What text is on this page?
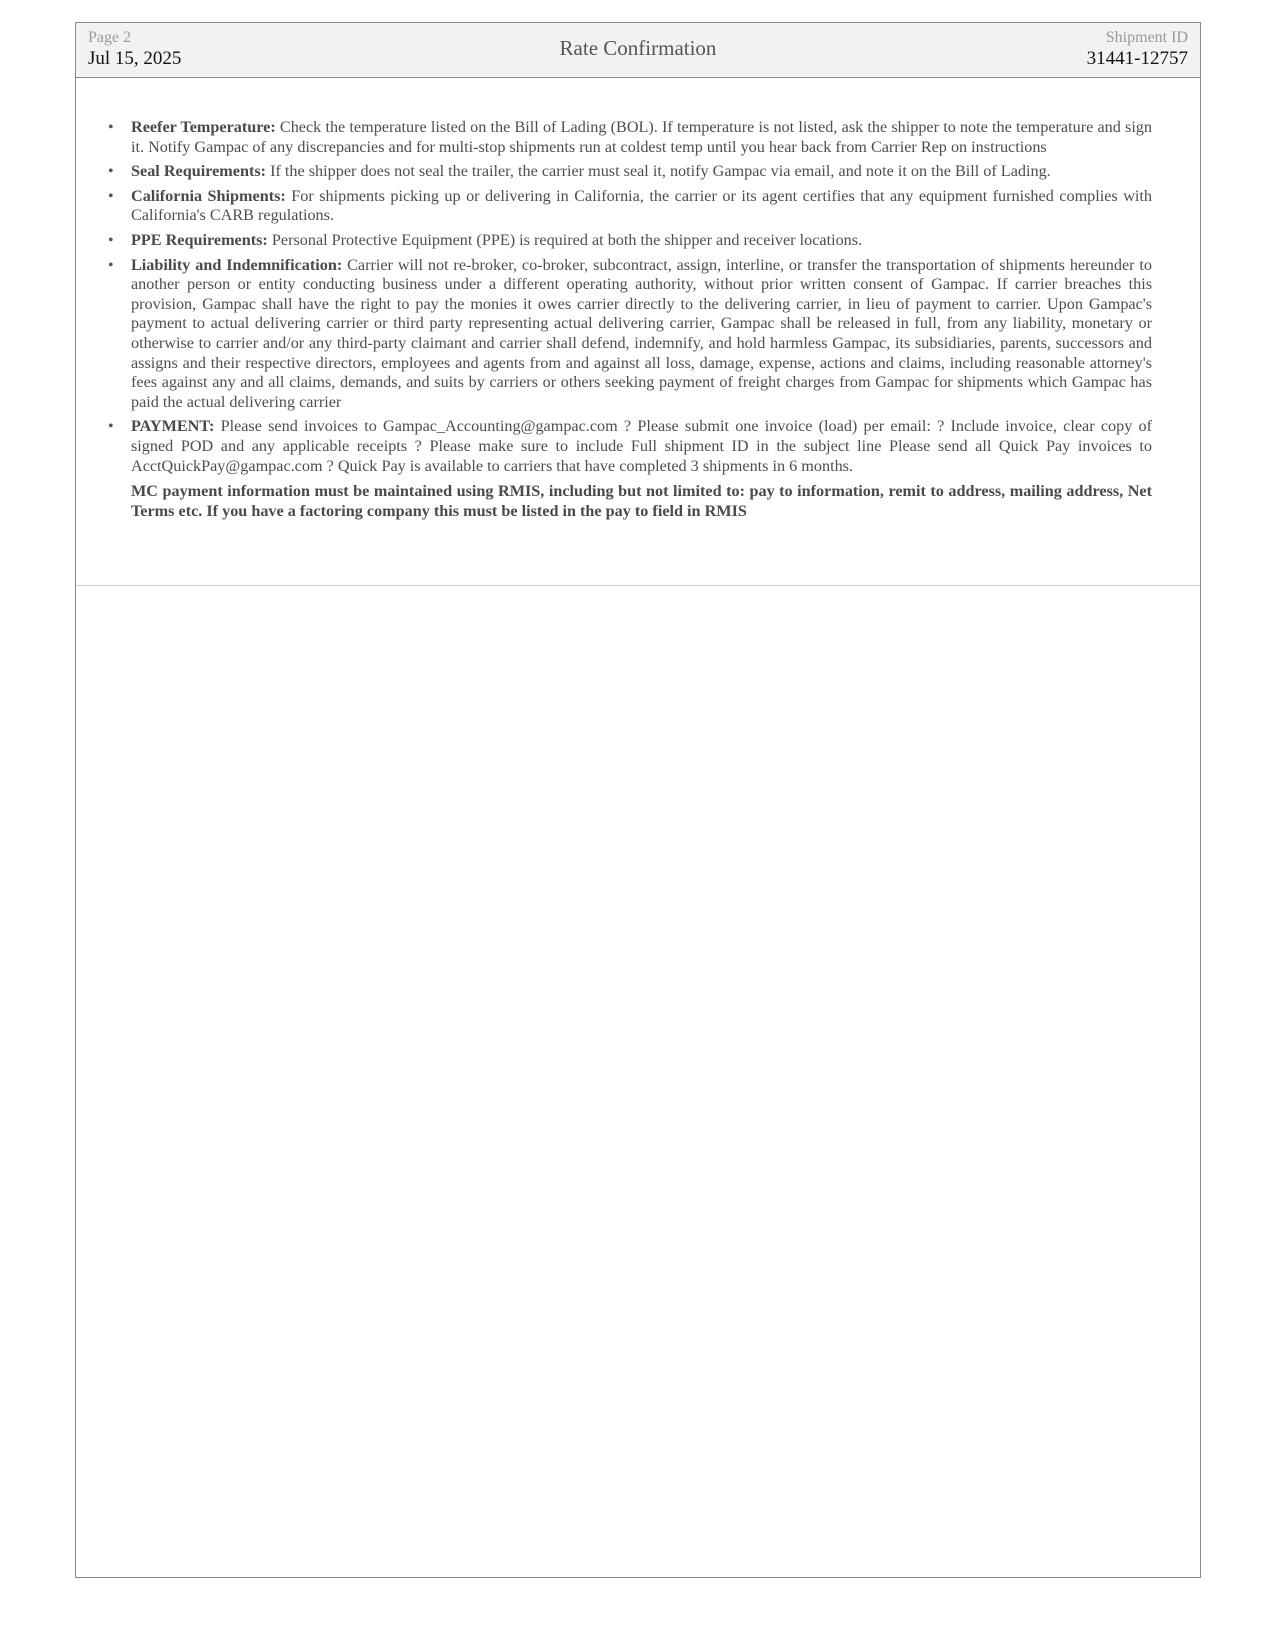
Page 2
Jul 15, 2025	Rate Confirmation	Shipment ID
31441-12757
• Reefer Temperature: Check the temperature listed on the Bill of Lading (BOL). If temperature is not listed, ask the shipper to note the temperature and sign it. Notify Gampac of any discrepancies and for multi-stop shipments run at coldest temp until you hear back from Carrier Rep on instructions
• Seal Requirements: If the shipper does not seal the trailer, the carrier must seal it, notify Gampac via email, and note it on the Bill of Lading.
• California Shipments: For shipments picking up or delivering in California, the carrier or its agent certifies that any equipment furnished complies with California's CARB regulations.
• PPE Requirements: Personal Protective Equipment (PPE) is required at both the shipper and receiver locations.
• Liability and Indemnification: Carrier will not re-broker, co-broker, subcontract, assign, interline, or transfer the transportation of shipments hereunder to another person or entity conducting business under a different operating authority, without prior written consent of Gampac. If carrier breaches this provision, Gampac shall have the right to pay the monies it owes carrier directly to the delivering carrier, in lieu of payment to carrier. Upon Gampac's payment to actual delivering carrier or third party representing actual delivering carrier, Gampac shall be released in full, from any liability, monetary or otherwise to carrier and/or any third-party claimant and carrier shall defend, indemnify, and hold harmless Gampac, its subsidiaries, parents, successors and assigns and their respective directors, employees and agents from and against all loss, damage, expense, actions and claims, including reasonable attorney's fees against any and all claims, demands, and suits by carriers or others seeking payment of freight charges from Gampac for shipments which Gampac has paid the actual delivering carrier
• PAYMENT: Please send invoices to Gampac_Accounting@gampac.com ? Please submit one invoice (load) per email: ? Include invoice, clear copy of signed POD and any applicable receipts ? Please make sure to include Full shipment ID in the subject line Please send all Quick Pay invoices to AcctQuickPay@gampac.com ? Quick Pay is available to carriers that have completed 3 shipments in 6 months.
MC payment information must be maintained using RMIS, including but not limited to: pay to information, remit to address, mailing address, Net Terms etc. If you have a factoring company this must be listed in the pay to field in RMIS
